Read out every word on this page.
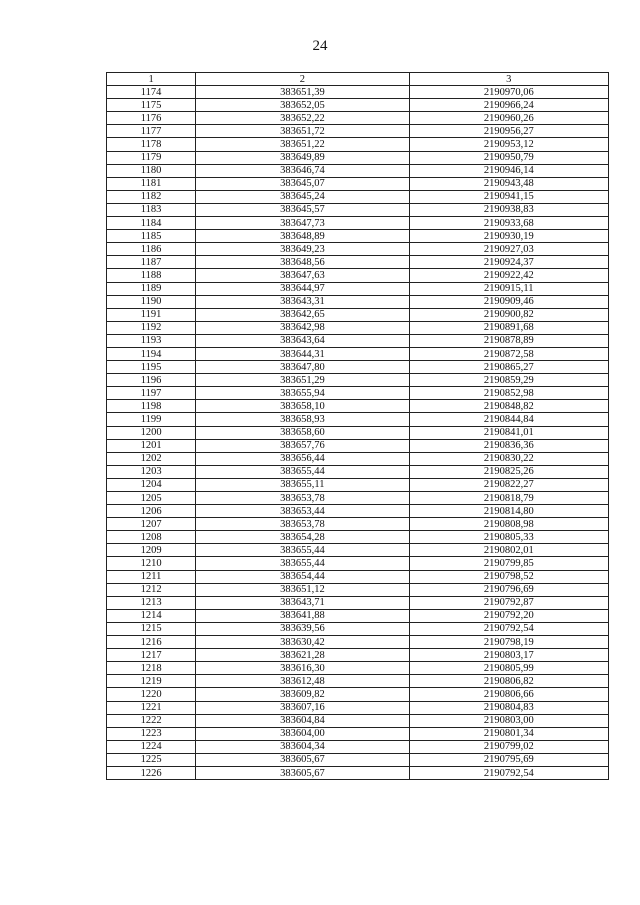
24
1	2	3
1174	383651,39	2190970,06
1175	383652,05	2190966,24
1176	383652,22	2190960,26
1177	383651,72	2190956,27
1178	383651,22	2190953,12
1179	383649,89	2190950,79
1180	383646,74	2190946,14
1181	383645,07	2190943,48
1182	383645,24	2190941,15
1183	383645,57	2190938,83
1184	383647,73	2190933,68
1185	383648,89	2190930,19
1186	383649,23	2190927,03
1187	383648,56	2190924,37
1188	383647,63	2190922,42
1189	383644,97	2190915,11
1190	383643,31	2190909,46
1191	383642,65	2190900,82
1192	383642,98	2190891,68
1193	383643,64	2190878,89
1194	383644,31	2190872,58
1195	383647,80	2190865,27
1196	383651,29	2190859,29
1197	383655,94	2190852,98
1198	383658,10	2190848,82
1199	383658,93	2190844,84
1200	383658,60	2190841,01
1201	383657,76	2190836,36
1202	383656,44	2190830,22
1203	383655,44	2190825,26
1204	383655,11	2190822,27
1205	383653,78	2190818,79
1206	383653,44	2190814,80
1207	383653,78	2190808,98
1208	383654,28	2190805,33
1209	383655,44	2190802,01
1210	383655,44	2190799,85
1211	383654,44	2190798,52
1212	383651,12	2190796,69
1213	383643,71	2190792,87
1214	383641,88	2190792,20
1215	383639,56	2190792,54
1216	383630,42	2190798,19
1217	383621,28	2190803,17
1218	383616,30	2190805,99
1219	383612,48	2190806,82
1220	383609,82	2190806,66
1221	383607,16	2190804,83
1222	383604,84	2190803,00
1223	383604,00	2190801,34
1224	383604,34	2190799,02
1225	383605,67	2190795,69
1226	383605,67	2190792,54
